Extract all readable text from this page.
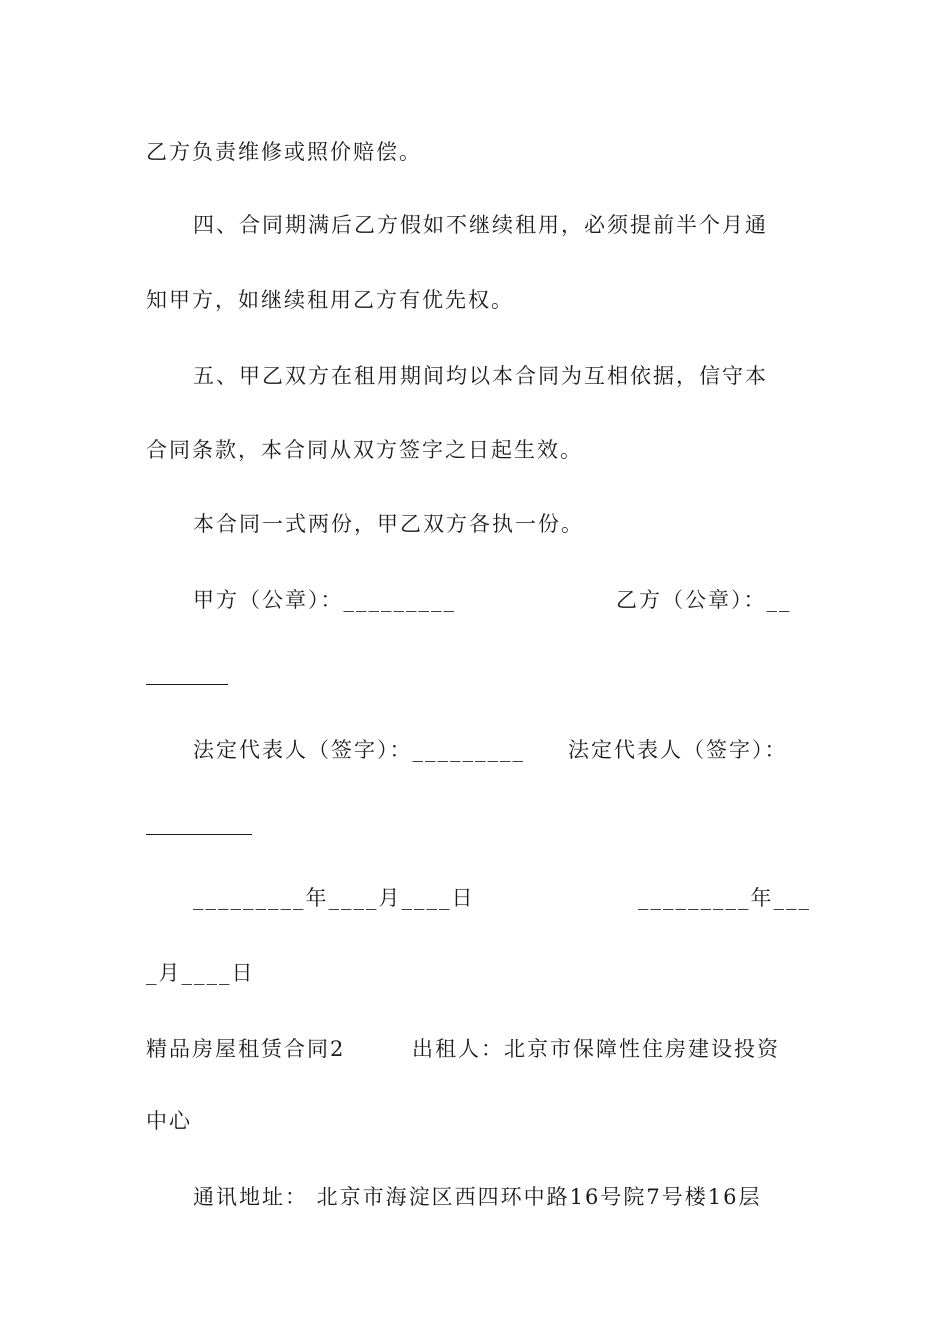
乙方负责维修或照价赔偿。
四、合同期满后乙方假如不继续租用，必须提前半个月通
知甲方，如继续租用乙方有优先权。
五、甲乙双方在租用期间均以本合同为互相依据，信守本
合同条款，本合同从双方签字之日起生效。
本合同一式两份，甲乙双方各执一份。
甲方（公章）：_________	乙方（公章）：__
法定代表人（签字）：_________ 法定代表人（签字）：
_________年____月____日	_________年___
_月____日
精品房屋租赁合同2	出租人：北京市保障性住房建设投资
中心
通讯地址： 北京市海淀区西四环中路16号院7号楼16层
